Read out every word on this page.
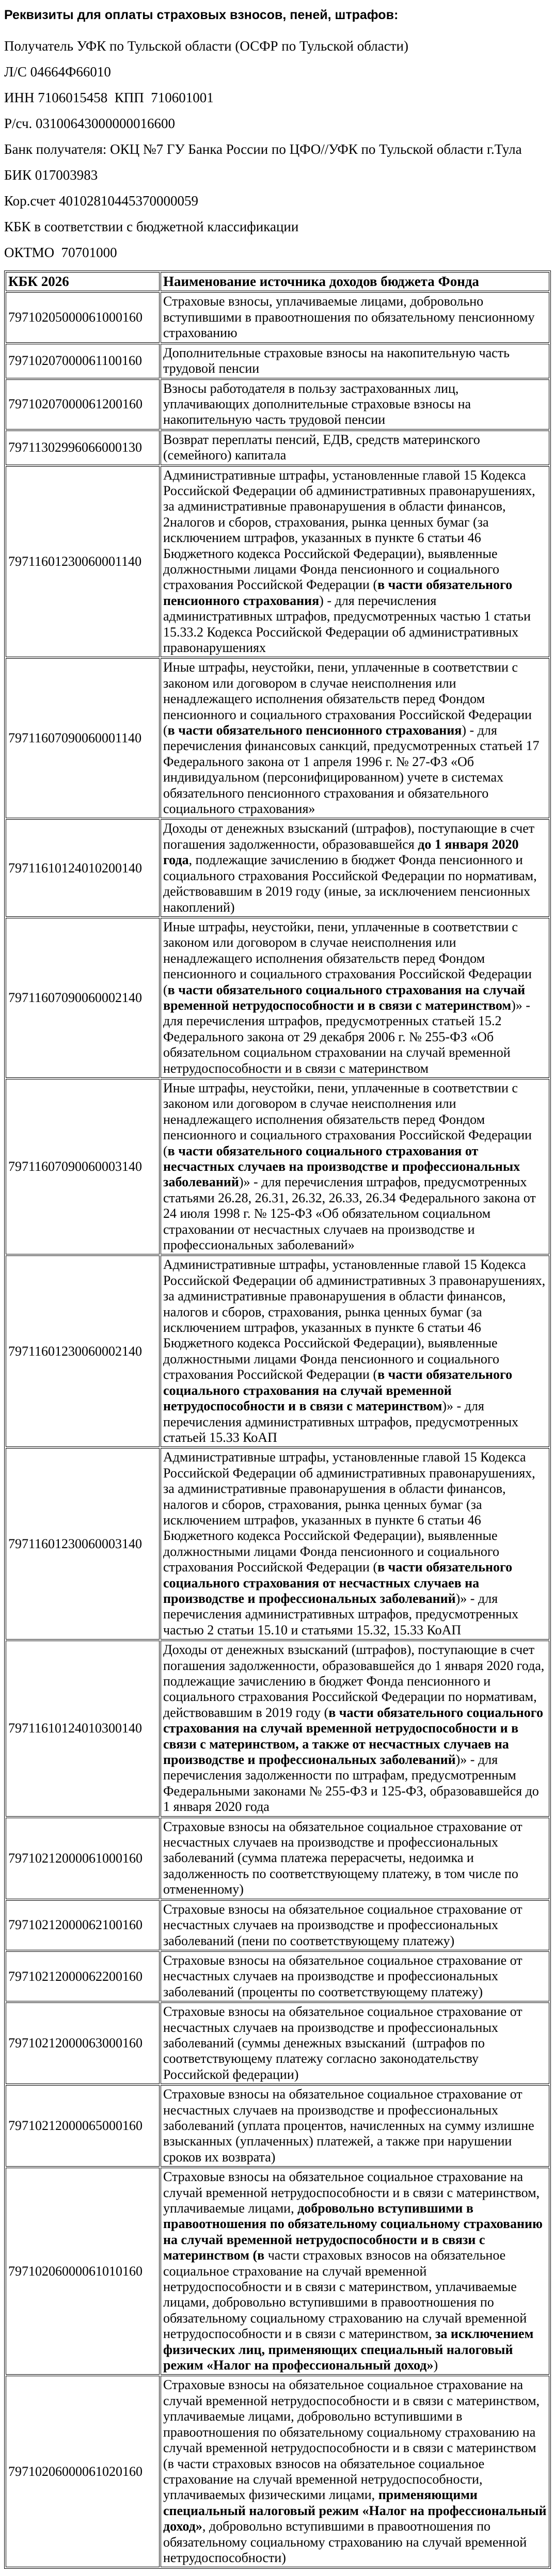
Реквизиты для оплаты страховых взносов, пеней, штрафов:
Получатель УФК по Тульской области (ОСФР по Тульской области)
Л/С 04664Ф66010
ИНН 7106015458  КПП  710601001
Р/сч. 03100643000000016600
Банк получателя: ОКЦ №7 ГУ Банка России по ЦФО//УФК по Тульской области г.Тула
БИК 017003983
Кор.счет 40102810445370000059
КБК в соответствии с бюджетной классификации
ОКТМО  70701000
КБК 2026	Наименование источника доходов бюджета Фонда
79710205000061000160	Страховые взносы, уплачиваемые лицами, добровольно вступившими в правоотношения по обязательному пенсионному страхованию
79710207000061100160	Дополнительные страховые взносы на накопительную часть трудовой пенсии
79710207000061200160	Взносы работодателя в пользу застрахованных лиц, уплачивающих дополнительные страховые взносы на накопительную часть трудовой пенсии
79711302996066000130	Возврат переплаты пенсий, ЕДВ, средств материнского (семейного) капитала
79711601230060001140	Административные штрафы, установленные главой 15 Кодекса Российской Федерации об административных правонарушениях, за административные правонарушения в области финансов, 2налогов и сборов, страхования, рынка ценных бумаг (за исключением штрафов, указанных в пункте 6 статьи 46 Бюджетного кодекса Российской Федерации), выявленные должностными лицами Фонда пенсионного и социального страхования Российской Федерации (в части обязательного пенсионного страхования) - для перечисления административных штрафов, предусмотренных частью 1 статьи 15.33.2 Кодекса Российской Федерации об административных правонарушениях
79711607090060001140	Иные штрафы, неустойки, пени, уплаченные в соответствии с законом или договором в случае неисполнения или ненадлежащего исполнения обязательств перед Фондом пенсионного и социального страхования Российской Федерации (в части обязательного пенсионного страхования) - для перечисления финансовых санкций, предусмотренных статьей 17 Федерального закона от 1 апреля 1996 г. № 27-ФЗ «Об индивидуальном (персонифицированном) учете в системах обязательного пенсионного страхования и обязательного социального страхования»
79711610124010200140	Доходы от денежных взысканий (штрафов), поступающие в счет погашения задолженности, образовавшейся до 1 января 2020 года, подлежащие зачислению в бюджет Фонда пенсионного и социального страхования Российской Федерации по нормативам, действовавшим в 2019 году (иные, за исключением пенсионных накоплений)
79711607090060002140	Иные штрафы, неустойки, пени, уплаченные в соответствии с законом или договором в случае неисполнения или ненадлежащего исполнения обязательств перед Фондом пенсионного и социального страхования Российской Федерации (в части обязательного социального страхования на случай временной нетрудоспособности и в связи с материнством)» - для перечисления штрафов, предусмотренных статьей 15.2 Федерального закона от 29 декабря 2006 г. № 255-ФЗ «Об обязательном социальном страховании на случай временной нетрудоспособности и в связи с материнством
79711607090060003140	Иные штрафы, неустойки, пени, уплаченные в соответствии с законом или договором в случае неисполнения или ненадлежащего исполнения обязательств перед Фондом пенсионного и социального страхования Российской Федерации (в части обязательного социального страхования от несчастных случаев на производстве и профессиональных заболеваний)» - для перечисления штрафов, предусмотренных статьями 26.28, 26.31, 26.32, 26.33, 26.34 Федерального закона от 24 июля 1998 г. № 125-ФЗ «Об обязательном социальном страховании от несчастных случаев на производстве и профессиональных заболеваний»
79711601230060002140	Административные штрафы, установленные главой 15 Кодекса Российской Федерации об административных 3 правонарушениях, за административные правонарушения в области финансов, налогов и сборов, страхования, рынка ценных бумаг (за исключением штрафов, указанных в пункте 6 статьи 46 Бюджетного кодекса Российской Федерации), выявленные должностными лицами Фонда пенсионного и социального страхования Российской Федерации (в части обязательного социального страхования на случай временной нетрудоспособности и в связи с материнством)» - для перечисления административных штрафов, предусмотренных статьей 15.33 КоАП
79711601230060003140	Административные штрафы, установленные главой 15 Кодекса Российской Федерации об административных правонарушениях, за административные правонарушения в области финансов, налогов и сборов, страхования, рынка ценных бумаг (за исключением штрафов, указанных в пункте 6 статьи 46 Бюджетного кодекса Российской Федерации), выявленные должностными лицами Фонда пенсионного и социального страхования Российской Федерации (в части обязательного социального страхования от несчастных случаев на производстве и профессиональных заболеваний)» - для перечисления административных штрафов, предусмотренных частью 2 статьи 15.10 и статьями 15.32, 15.33 КоАП
79711610124010300140	Доходы от денежных взысканий (штрафов), поступающие в счет погашения задолженности, образовавшейся до 1 января 2020 года, подлежащие зачислению в бюджет Фонда пенсионного и социального страхования Российской Федерации по нормативам, действовавшим в 2019 году (в части обязательного социального страхования на случай временной нетрудоспособности и в связи с материнством, а также от несчастных случаев на производстве и профессиональных заболеваний)» - для перечисления задолженности по штрафам, предусмотренным Федеральными законами № 255-ФЗ и 125-ФЗ, образовавшейся до 1 января 2020 года
79710212000061000160	Страховые взносы на обязательное социальное страхование от несчастных случаев на производстве и профессиональных заболеваний (сумма платежа перерасчеты, недоимка и задолженность по соответствующему платежу, в том числе по отмененному)
79710212000062100160	Страховые взносы на обязательное социальное страхование от несчастных случаев на производстве и профессиональных заболеваний (пени по соответствующему платежу)
79710212000062200160	Страховые взносы на обязательное социальное страхование от несчастных случаев на производстве и профессиональных заболеваний (проценты по соответствующему платежу)
79710212000063000160	Страховые взносы на обязательное социальное страхование от несчастных случаев на производстве и профессиональных заболеваний (суммы денежных взысканий  (штрафов по соответствующему платежу согласно законодательству Российской федерации)
79710212000065000160	Страховые взносы на обязательное социальное страхование от несчастных случаев на производстве и профессиональных заболеваний (уплата процентов, начисленных на сумму излишне взысканных (уплаченных) платежей, а также при нарушении сроков их возврата)
79710206000061010160	Страховые взносы на обязательное социальное страхование на случай временной нетрудоспособности и в связи с материнством, уплачиваемые лицами, добровольно вступившими в правоотношения по обязательному социальному страхованию на случай временной нетрудоспособности и в связи с материнством (в части страховых взносов на обязательное социальное страхование на случай временной нетрудоспособности и в связи с материнством, уплачиваемые лицами, добровольно вступившими в правоотношения по обязательному социальному страхованию на случай временной нетрудоспособности и в связи с материнством, за исключением физических лиц, применяющих специальный налоговый режим «Налог на профессиональный доход»)
79710206000061020160	Страховые взносы на обязательное социальное страхование на случай временной нетрудоспособности и в связи с материнством, уплачиваемые лицами, добровольно вступившими в правоотношения по обязательному социальному страхованию на случай временной нетрудоспособности и в связи с материнством (в части страховых взносов на обязательное социальное страхование на случай временной нетрудоспособности, уплачиваемых физическими лицами, применяющими специальный налоговый режим «Налог на профессиональный доход», добровольно вступившими в правоотношения по обязательному социальному страхованию на случай временной нетрудоспособности)
